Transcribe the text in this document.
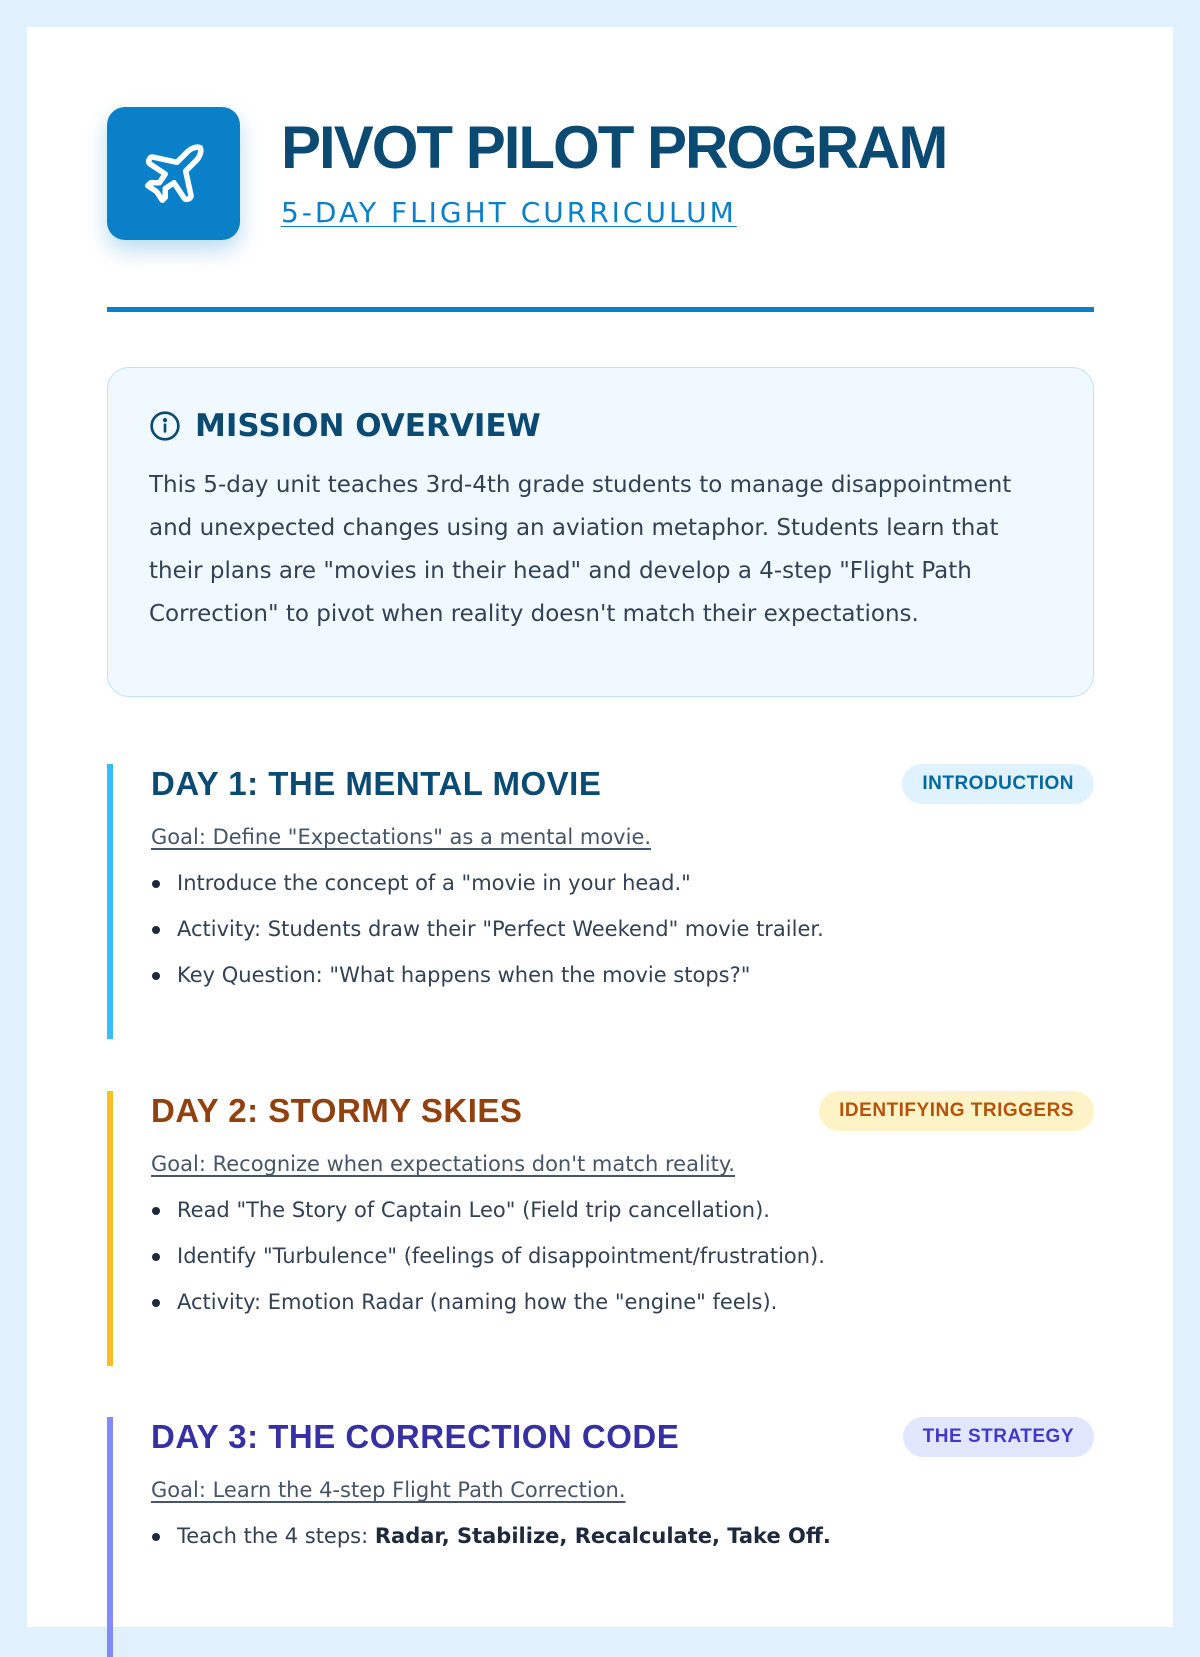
PIVOT PILOT PROGRAM
5-DAY FLIGHT CURRICULUM
MISSION OVERVIEW

This 5-day unit teaches 3rd-4th grade students to manage disappointment and unexpected changes using an aviation metaphor. Students learn that their plans are "movies in their head" and develop a 4-step "Flight Path Correction" to pivot when reality doesn't match their expectations.

DAY 1: THE MENTAL MOVIE	INTRODUCTION
Goal: Define "Expectations" as a mental movie.
Introduce the concept of a "movie in your head."
Activity: Students draw their "Perfect Weekend" movie trailer.
Key Question: "What happens when the movie stops?"
DAY 2: STORMY SKIES	IDENTIFYING TRIGGERS
Goal: Recognize when expectations don't match reality.
Read "The Story of Captain Leo" (Field trip cancellation).
Identify "Turbulence" (feelings of disappointment/frustration).
Activity: Emotion Radar (naming how the "engine" feels).
DAY 3: THE CORRECTION CODE	THE STRATEGY
Goal: Learn the 4-step Flight Path Correction.
Teach the 4 steps: Radar, Stabilize, Recalculate, Take Off.
